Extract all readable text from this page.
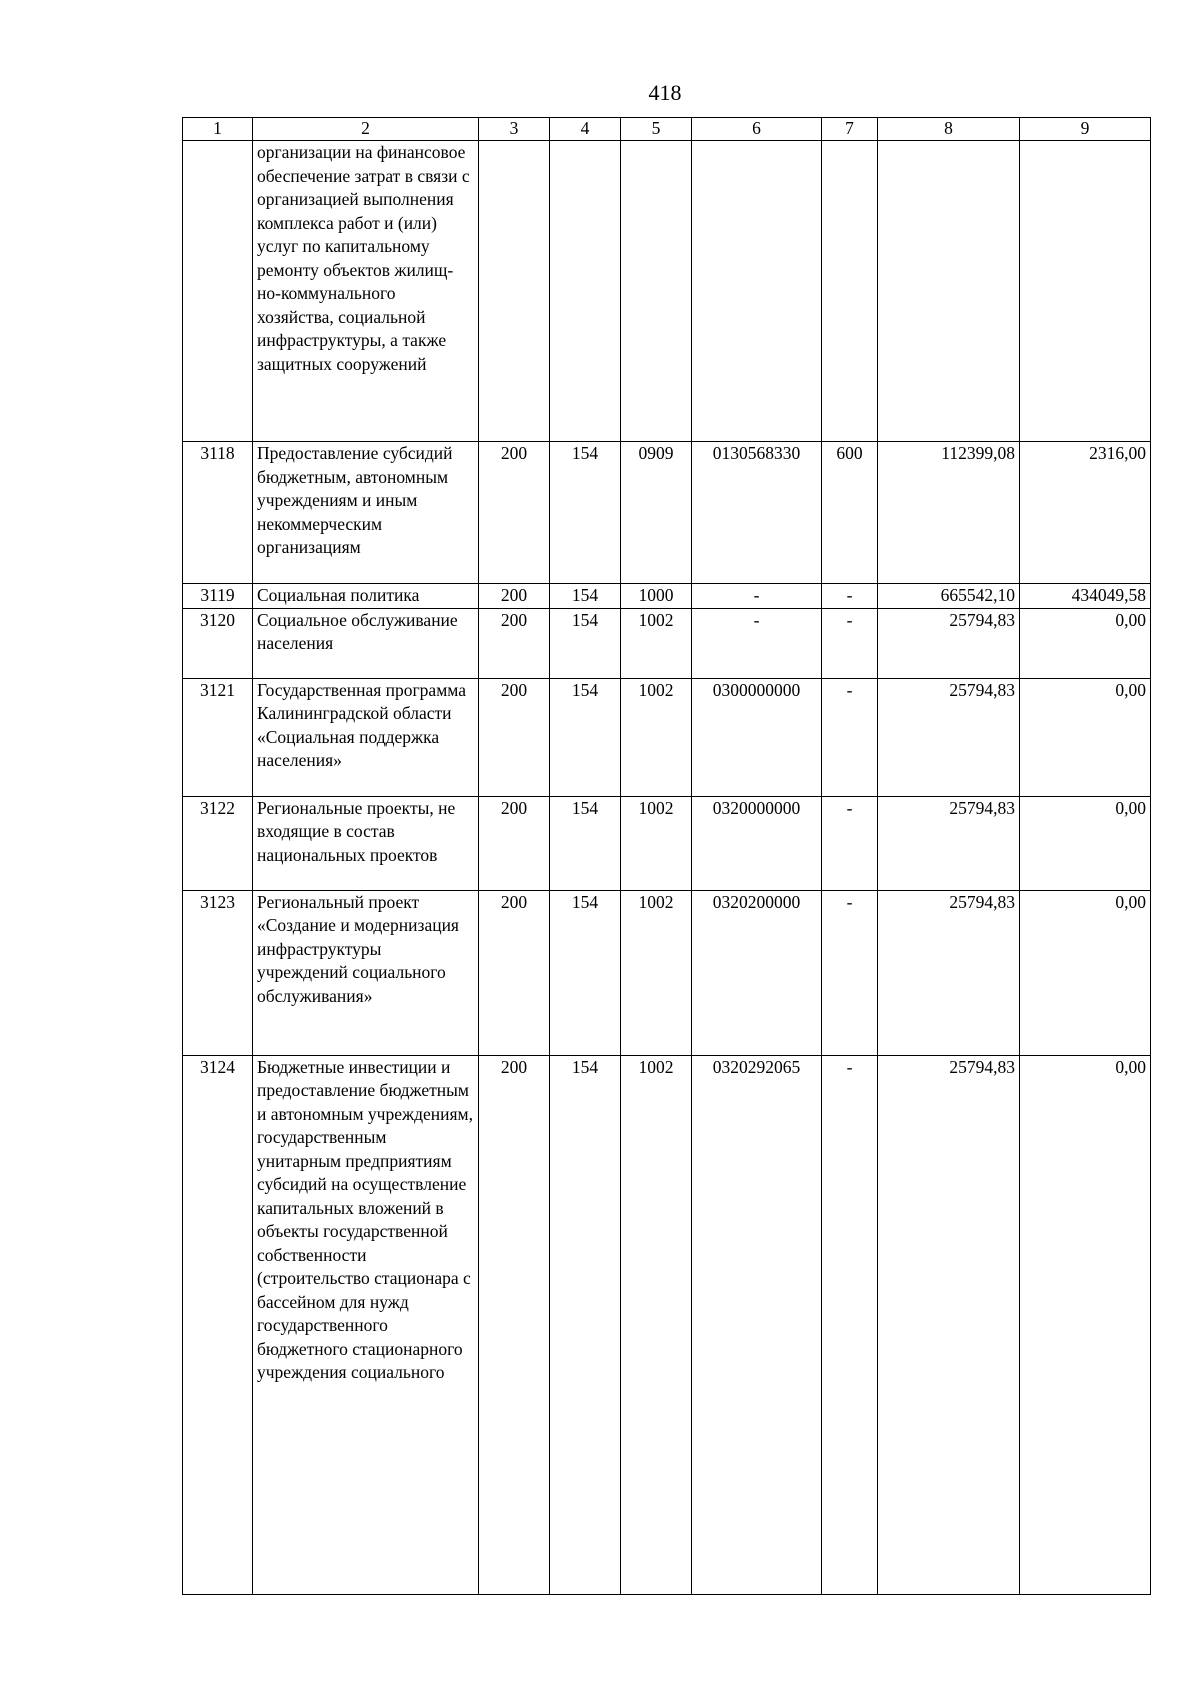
418
1	2	3	4	5	6	7	8	9
	организации на финансовое обеспечение затрат в связи с организацией выполнения комплекса работ и (или) услуг по капитальному ремонту объектов жилищ-но-коммунального хозяйства, социальной инфраструктуры, а также защитных сооружений							
3118	Предоставление субсидий бюджетным, автономным учреждениям и иным некоммерческим организациям	200	154	0909	0130568330	600	112399,08	2316,00
3119	Социальная политика	200	154	1000	-	-	665542,10	434049,58
3120	Социальное обслуживание населения	200	154	1002	-	-	25794,83	0,00
3121	Государственная программа Калининградской области «Социальная поддержка населения»	200	154	1002	0300000000	-	25794,83	0,00
3122	Региональные проекты, не входящие в состав национальных проектов	200	154	1002	0320000000	-	25794,83	0,00
3123	Региональный проект «Создание и модернизация инфраструктуры учреждений социального обслуживания»	200	154	1002	0320200000	-	25794,83	0,00
3124	Бюджетные инвестиции и предоставление бюджетным и автономным учреждениям, государственным унитарным предприятиям субсидий на осуществление капитальных вложений в объекты государственной собственности (строительство стационара с бассейном для нужд государственного бюджетного стационарного учреждения социального	200	154	1002	0320292065	-	25794,83	0,00
